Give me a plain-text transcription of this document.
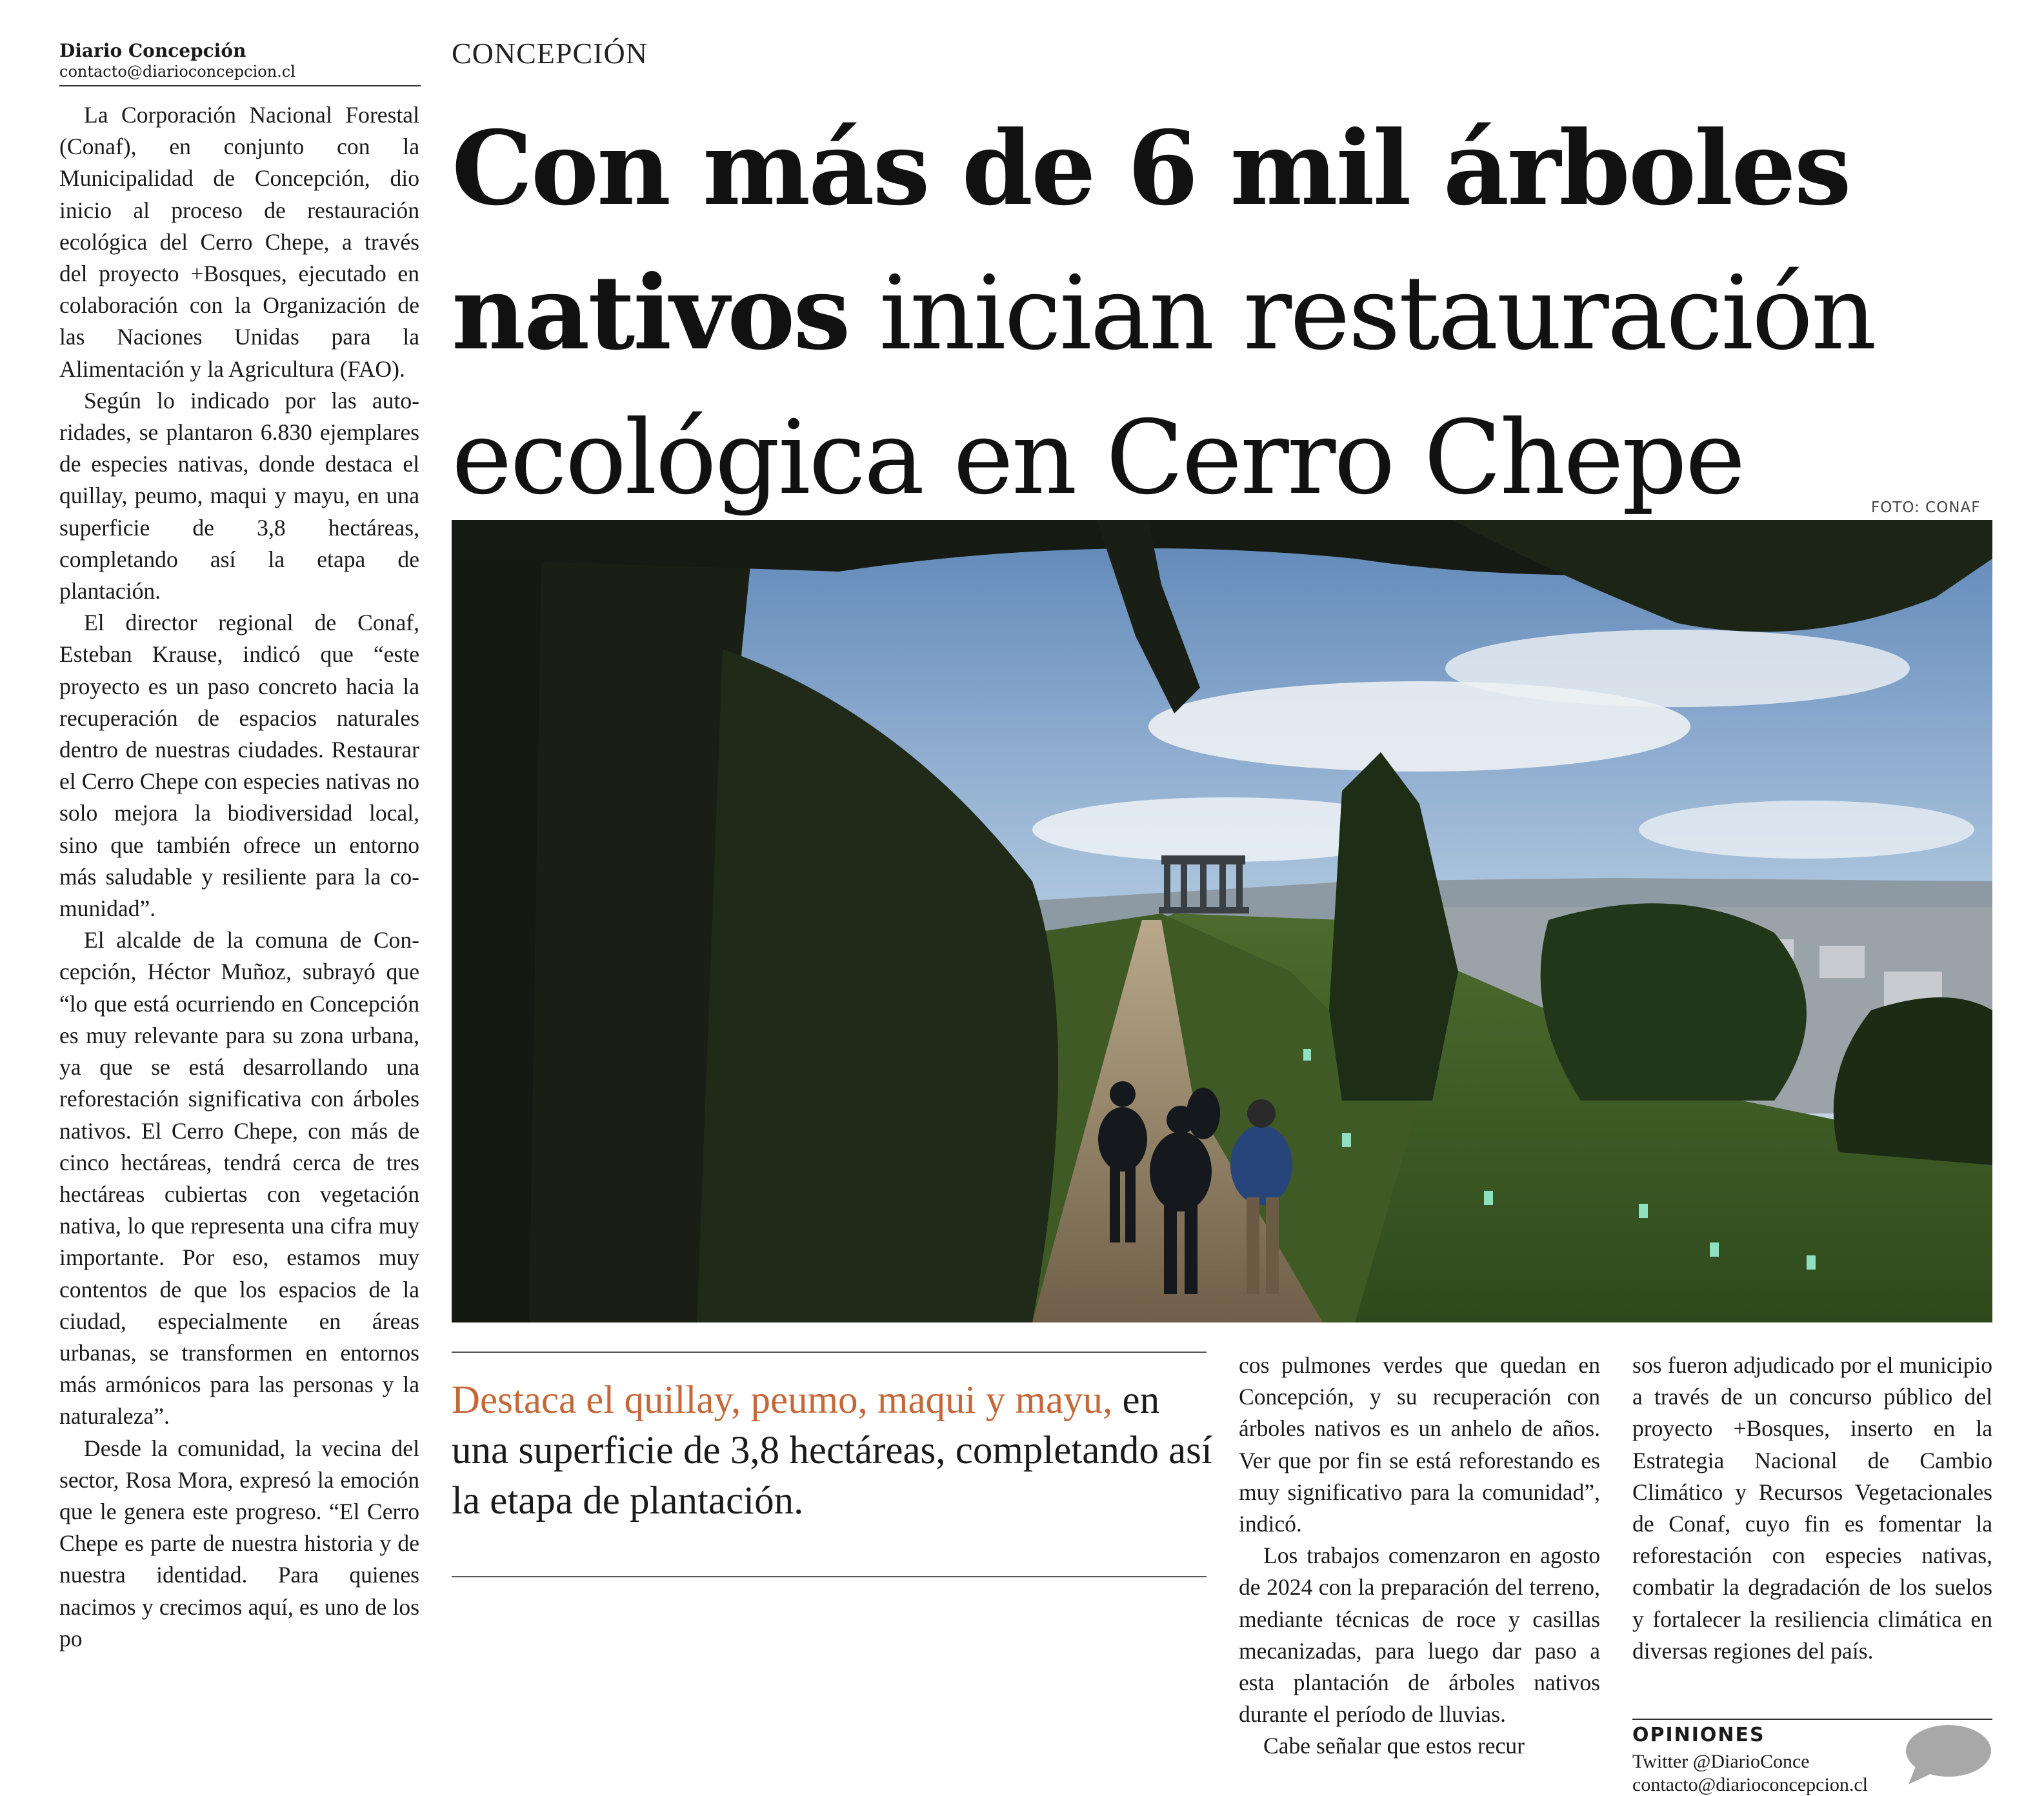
Diario Concepción
contacto@diarioconcepcion.cl

La Corporación Nacional Forestal (Conaf), en conjunto con la Municipalidad de Concepción, dio inicio al proceso de restauración ecológica del Cerro Chepe, a través del proyecto +Bosques, ejecutado en colaboración con la Organización de las Naciones Unidas para la Alimentación y la Agricultura (FAO).

Según lo indicado por las autoridades, se plantaron 6.830 ejemplares de especies nativas, donde destaca el quillay, peumo, maqui y mayu, en una superficie de 3,8 hectáreas, completando así la etapa de plantación.

El director regional de Conaf, Esteban Krause, indicó que “este proyecto es un paso concreto hacia la recuperación de espacios naturales dentro de nuestras ciudades. Restaurar el Cerro Chepe con especies nativas no solo mejora la biodiversidad local, sino que también ofrece un entorno más saludable y resiliente para la comunidad”.

El alcalde de la comuna de Concepción, Héctor Muñoz, subrayó que “lo que está ocurriendo en Concepción es muy relevante para su zona urbana, ya que se está desarrollando una reforestación significativa con árboles nativos. El Cerro Chepe, con más de cinco hectáreas, tendrá cerca de tres hectáreas cubiertas con vegetación nativa, lo que representa una cifra muy importante. Por eso, estamos muy contentos de que los espacios de la ciudad, especialmente en áreas urbanas, se transformen en entornos más armónicos para las personas y la naturaleza”.

Desde la comunidad, la vecina del sector, Rosa Mora, expresó la emoción que le genera este progreso. “El Cerro Chepe es parte de nuestra historia y de nuestra identidad. Para quienes nacimos y crecimos aquí, es uno de los po

CONCEPCIÓN
Con más de 6 mil árboles
nativos inician restauración
ecológica en Cerro Chepe	FOTO: CONAF
Destaca el quillay, peumo, maqui y mayu, en una superficie de 3,8 hectáreas, completando así la etapa de plantación.

cos pulmones verdes que quedan en Concepción, y su recuperación con árboles nativos es un anhelo de años. Ver que por fin se está reforestando es muy significativo para la comunidad”, indicó.

Los trabajos comenzaron en agosto de 2024 con la preparación del terreno, mediante técnicas de roce y casillas mecanizadas, para luego dar paso a esta plantación de árboles nativos durante el período de lluvias.

Cabe señalar que estos recur

sos fueron adjudicado por el municipio a través de un concurso público del proyecto +Bosques, inserto en la Estrategia Nacional de Cambio Climático y Recursos Vegetacionales de Conaf, cuyo fin es fomentar la reforestación con especies nativas, combatir la degradación de los suelos y fortalecer la resiliencia climática en diversas regiones del país.

OPINIONES
Twitter @DiarioConce
contacto@diarioconcepcion.cl
